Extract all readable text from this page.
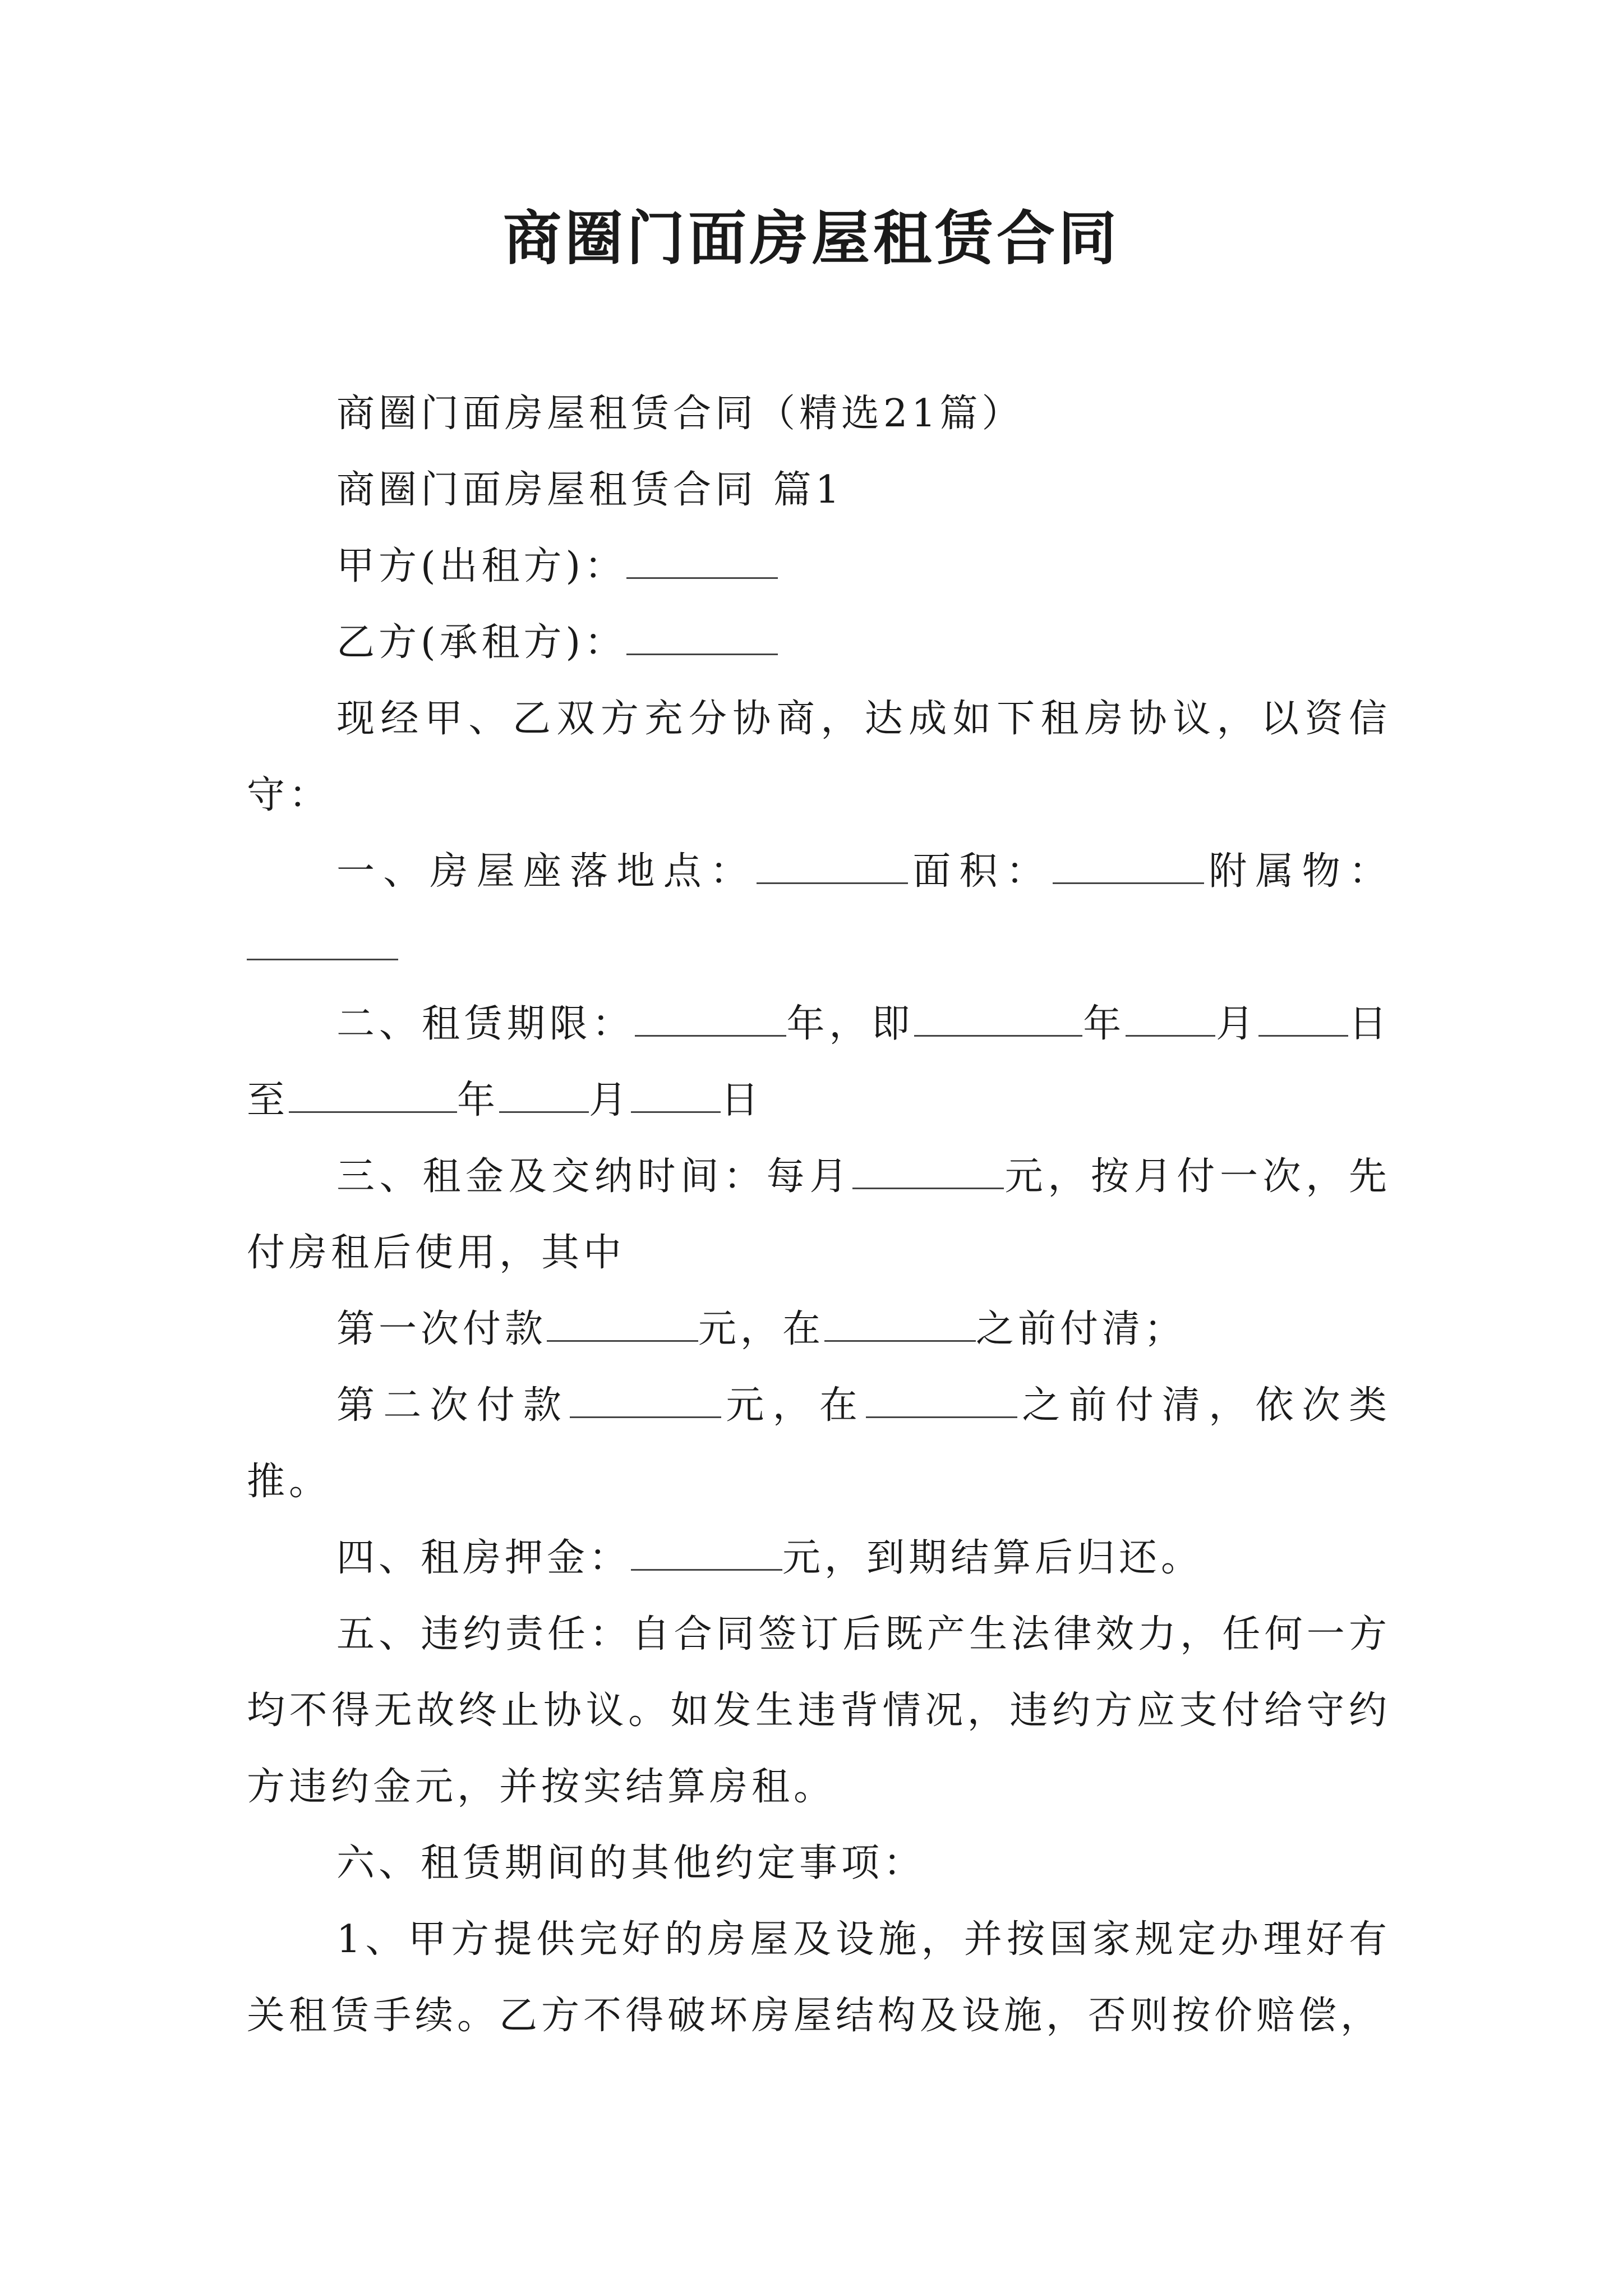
商圈门面房屋租赁合同

商圈门面房屋租赁合同（精选21篇）

商圈门面房屋租赁合同 篇1

甲方(出租方)：

乙方(承租方)：

现经甲、乙双方充分协商，达成如下租房协议，以资信守：

一、房屋座落地点：	面积：	附属物：

二、租赁期限：	年，即	年 月 日至	年 月 日

三、租金及交纳时间：每月	元，按月付一次，先付房租后使用，其中

第一次付款	元，在	之前付清；

第二次付款	元，在	之前付清，依次类推。

四、租房押金：	元，到期结算后归还。

五、违约责任：自合同签订后既产生法律效力，任何一方均不得无故终止协议。如发生违背情况，违约方应支付给守约方违约金元，并按实结算房租。

六、租赁期间的其他约定事项：

1、甲方提供完好的房屋及设施，并按国家规定办理好有关租赁手续。乙方不得破坏房屋结构及设施，否则按价赔偿，
